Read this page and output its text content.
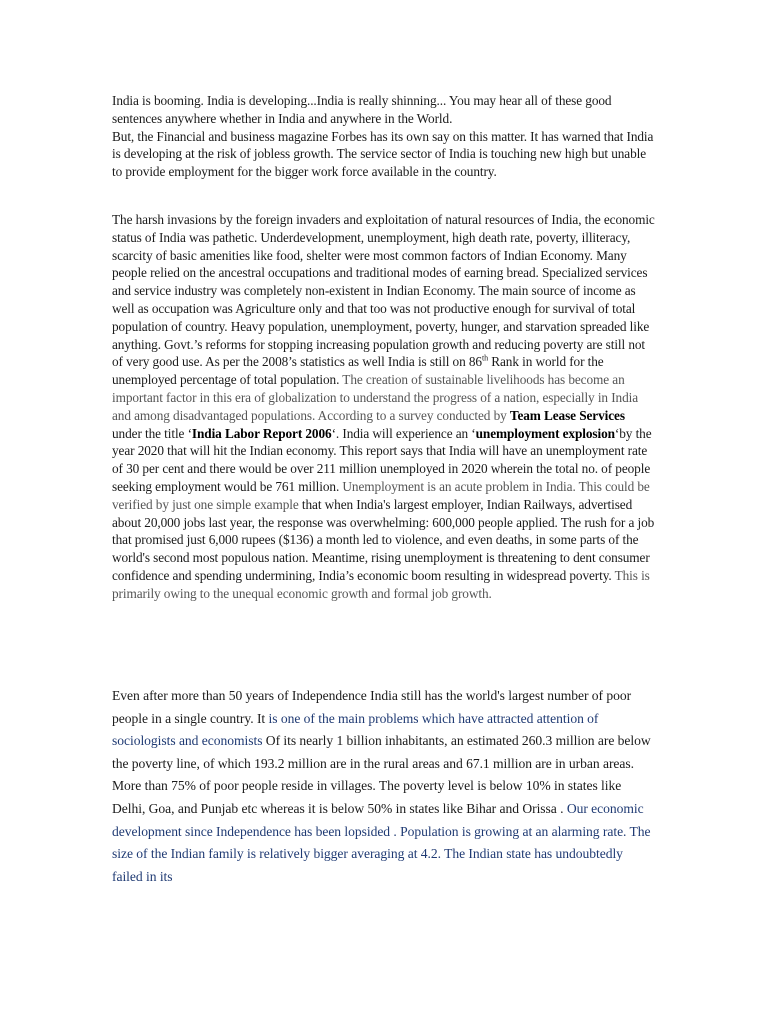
India is booming. India is developing...India is really shinning... You may hear all of these good sentences anywhere whether in India and anywhere in the World.
But, the Financial and business magazine Forbes has its own say on this matter. It has warned that India is developing at the risk of jobless growth. The service sector of India is touching new high but unable to provide employment for the bigger work force available in the country.

The harsh invasions by the foreign invaders and exploitation of natural resources of India, the economic status of India was pathetic. Underdevelopment, unemployment, high death rate, poverty, illiteracy, scarcity of basic amenities like food, shelter were most common factors of Indian Economy. Many people relied on the ancestral occupations and traditional modes of earning bread. Specialized services and service industry was completely non-existent in Indian Economy. The main source of income as well as occupation was Agriculture only and that too was not productive enough for survival of total population of country. Heavy population, unemployment, poverty, hunger, and starvation spreaded like anything. Govt.’s reforms for stopping increasing population growth and reducing poverty are still not of very good use. As per the 2008’s statistics as well India is still on 86th Rank in world for the unemployed percentage of total population. The creation of sustainable livelihoods has become an important factor in this era of globalization to understand the progress of a nation, especially in India and among disadvantaged populations. According to a survey conducted by Team Lease Services under the title ‘India Labor Report 2006‘. India will experience an ‘unemployment explosion‘by the year 2020 that will hit the Indian economy. This report says that India will have an unemployment rate of 30 per cent and there would be over 211 million unemployed in 2020 wherein the total no. of people seeking employment would be 761 million. Unemployment is an acute problem in India. This could be verified by just one simple example that when India's largest employer, Indian Railways, advertised about 20,000 jobs last year, the response was overwhelming: 600,000 people applied. The rush for a job that promised just 6,000 rupees ($136) a month led to violence, and even deaths, in some parts of the world's second most populous nation. Meantime, rising unemployment is threatening to dent consumer confidence and spending undermining, India’s economic boom resulting in widespread poverty. This is primarily owing to the unequal economic growth and formal job growth.

Even after more than 50 years of Independence India still has the world's largest number of poor people in a single country. It is one of the main problems which have attracted attention of sociologists and economists Of its nearly 1 billion inhabitants, an estimated 260.3 million are below the poverty line, of which 193.2 million are in the rural areas and 67.1 million are in urban areas. More than 75% of poor people reside in villages. The poverty level is below 10% in states like Delhi, Goa, and Punjab etc whereas it is below 50% in states like Bihar and Orissa . Our economic development since Independence has been lopsided . Population is growing at an alarming rate. The size of the Indian family is relatively bigger averaging at 4.2. The Indian state has undoubtedly failed in its
